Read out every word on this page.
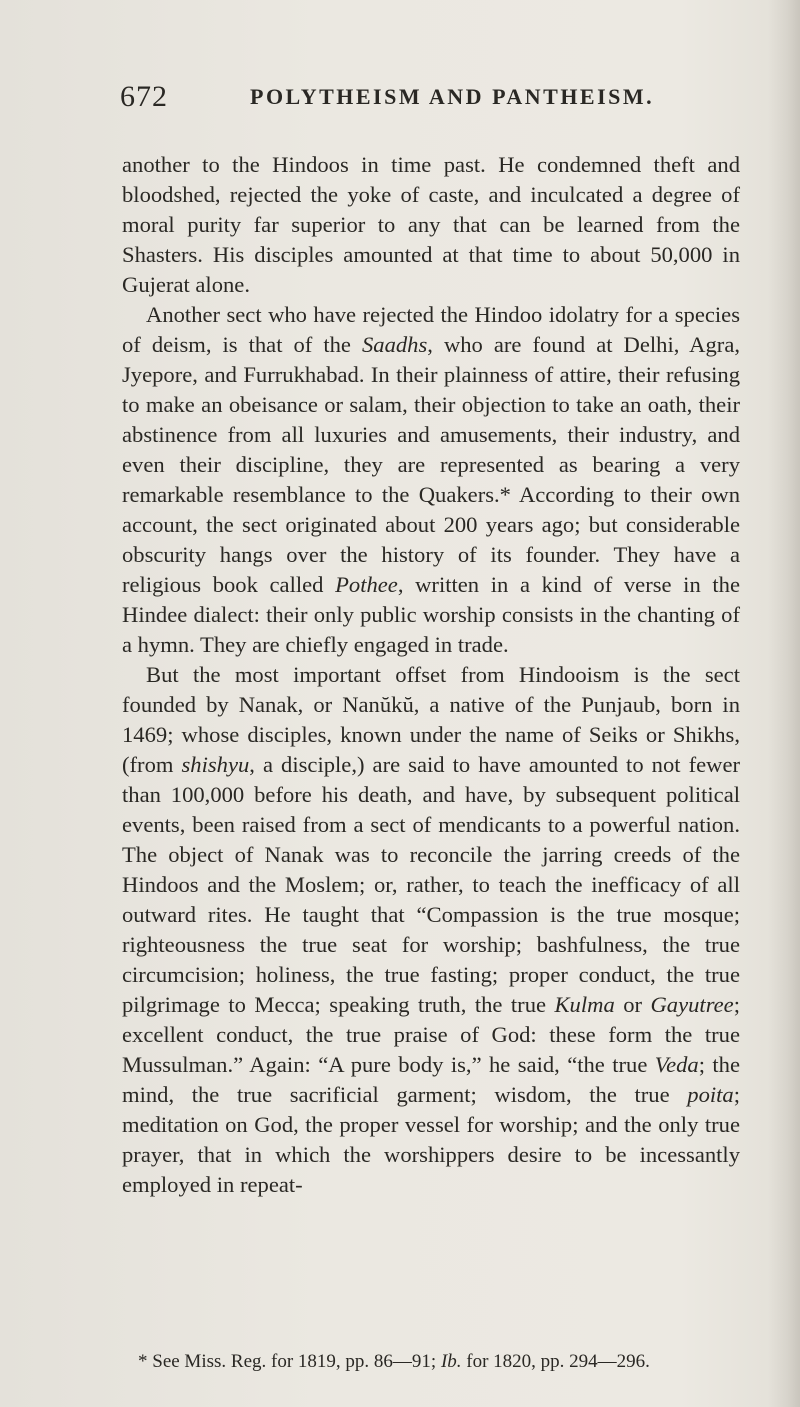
672	POLYTHEISM AND PANTHEISM.

another to the Hindoos in time past. He condemned theft and bloodshed, rejected the yoke of caste, and inculcated a degree of moral purity far superior to any that can be learned from the Shasters. His disciples amounted at that time to about 50,000 in Gujerat alone.

Another sect who have rejected the Hindoo idolatry for a species of deism, is that of the Saadhs, who are found at Delhi, Agra, Jyepore, and Furrukhabad. In their plainness of attire, their refusing to make an obeisance or salam, their objection to take an oath, their abstinence from all luxuries and amusements, their industry, and even their discipline, they are represented as bearing a very remarkable resemblance to the Quakers.* According to their own account, the sect originated about 200 years ago; but considerable obscurity hangs over the history of its founder. They have a religious book called Pothee, written in a kind of verse in the Hindee dialect: their only public worship consists in the chanting of a hymn. They are chiefly engaged in trade.

But the most important offset from Hindooism is the sect founded by Nanak, or Nanŭkŭ, a native of the Punjaub, born in 1469; whose disciples, known under the name of Seiks or Shikhs, (from shishyu, a disciple,) are said to have amounted to not fewer than 100,000 before his death, and have, by subsequent political events, been raised from a sect of mendicants to a powerful nation. The object of Nanak was to reconcile the jarring creeds of the Hindoos and the Moslem; or, rather, to teach the inefficacy of all outward rites. He taught that “Compassion is the true mosque; righteousness the true seat for worship; bashfulness, the true circumcision; holiness, the true fasting; proper conduct, the true pilgrimage to Mecca; speaking truth, the true Kulma or Gayutree; excellent conduct, the true praise of God: these form the true Mussulman.” Again: “A pure body is,” he said, “the true Veda; the mind, the true sacrificial garment; wisdom, the true poita; meditation on God, the proper vessel for worship; and the only true prayer, that in which the worshippers desire to be incessantly employed in repeat-

* See Miss. Reg. for 1819, pp. 86—91; Ib. for 1820, pp. 294—296.
